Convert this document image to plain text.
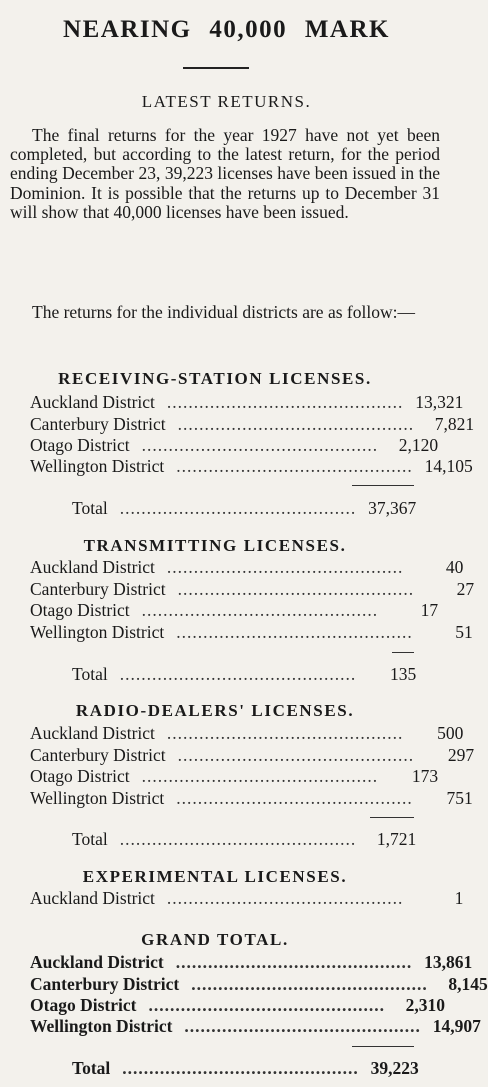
NEARING 40,000 MARK
LATEST RETURNS.

The final returns for the year 1927 have not yet been completed, but according to the latest return, for the period ending December 23, 39,223 licenses have been issued in the Dominion. It is possible that the returns up to December 31 will show that 40,000 licenses have been issued.

The returns for the individual districts are as follow:—

RECEIVING-STATION LICENSES.
Auckland District ............................................ 13,321
Canterbury District ............................................	7,821
Otago District ............................................	2,120
Wellington District ............................................ 14,105
Total ............................................ 37,367
TRANSMITTING LICENSES.
Auckland District ............................................	40
Canterbury District ............................................	27
Otago District ............................................	17
Wellington District ............................................	51
Total ............................................	135
RADIO-DEALERS' LICENSES.
Auckland District ............................................	500
Canterbury District ............................................	297
Otago District ............................................	173
Wellington District ............................................	751
Total ............................................	1,721
EXPERIMENTAL LICENSES.
Auckland District ............................................	1
GRAND TOTAL.
Auckland District ............................................ 13,861
Canterbury District ............................................	8,145
Otago District ............................................	2,310
Wellington District ............................................ 14,907
Total ............................................ 39,223
